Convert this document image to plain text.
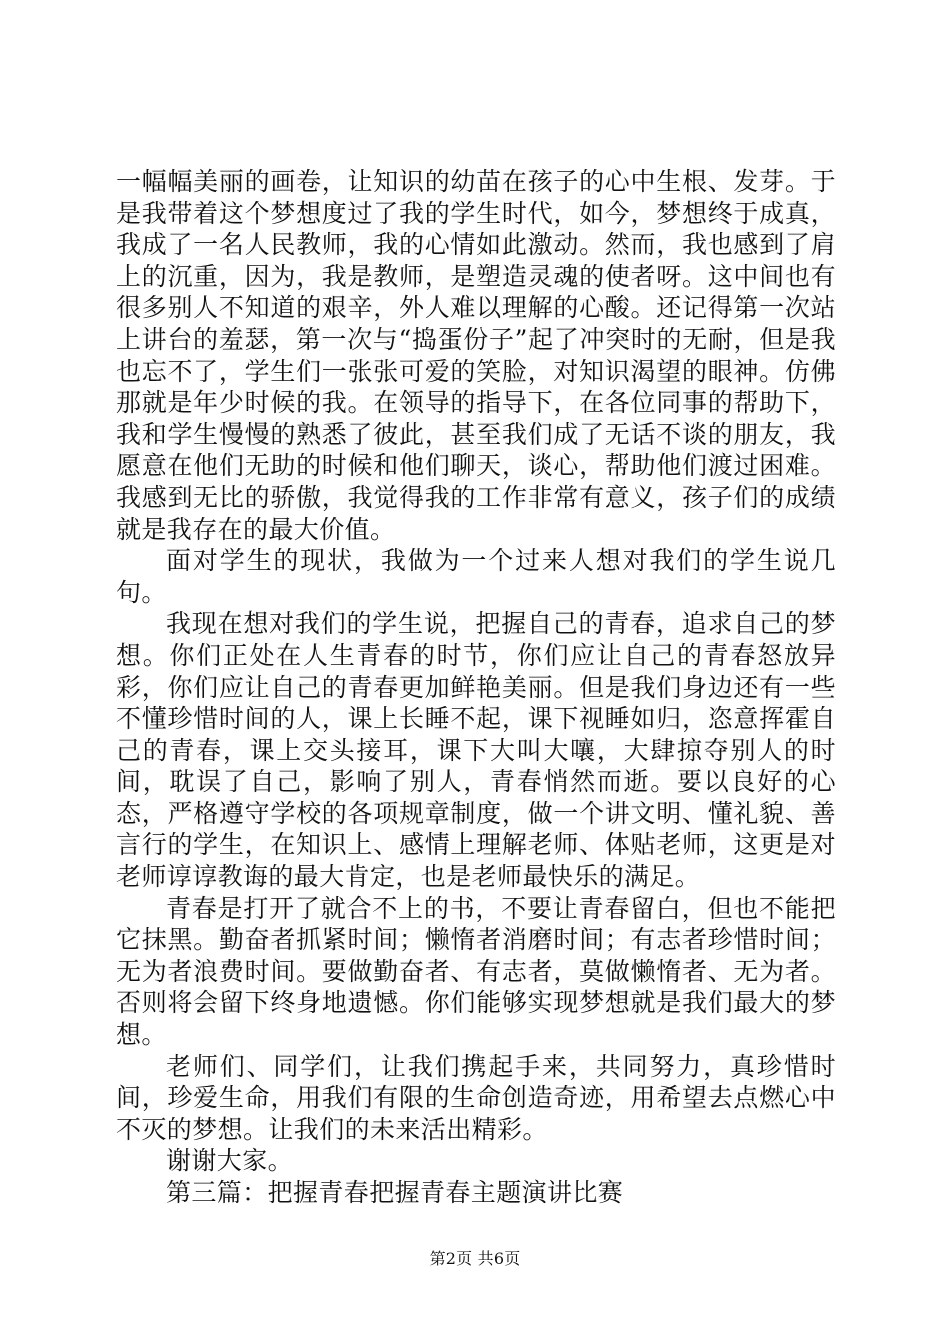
一幅幅美丽的画卷，让知识的幼苗在孩子的心中生根、发芽。于是我带着这个梦想度过了我的学生时代，如今，梦想终于成真，我成了一名人民教师，我的心情如此激动。然而，我也感到了肩上的沉重，因为，我是教师，是塑造灵魂的使者呀。这中间也有很多别人不知道的艰辛，外人难以理解的心酸。还记得第一次站上讲台的羞瑟，第一次与“捣蛋份子”起了冲突时的无耐，但是我也忘不了，学生们一张张可爱的笑脸，对知识渴望的眼神。仿佛那就是年少时候的我。在领导的指导下，在各位同事的帮助下，我和学生慢慢的熟悉了彼此，甚至我们成了无话不谈的朋友，我愿意在他们无助的时候和他们聊天，谈心，帮助他们渡过困难。我感到无比的骄傲，我觉得我的工作非常有意义，孩子们的成绩就是我存在的最大价值。

面对学生的现状，我做为一个过来人想对我们的学生说几句。

我现在想对我们的学生说，把握自己的青春，追求自己的梦想。你们正处在人生青春的时节，你们应让自己的青春怒放异彩，你们应让自己的青春更加鲜艳美丽。但是我们身边还有一些不懂珍惜时间的人，课上长睡不起，课下视睡如归，恣意挥霍自己的青春，课上交头接耳，课下大叫大嚷，大肆掠夺别人的时间，耽误了自己，影响了别人，青春悄然而逝。要以良好的心态，严格遵守学校的各项规章制度，做一个讲文明、懂礼貌、善言行的学生，在知识上、感情上理解老师、体贴老师，这更是对老师谆谆教诲的最大肯定，也是老师最快乐的满足。

青春是打开了就合不上的书，不要让青春留白，但也不能把它抹黑。勤奋者抓紧时间；懒惰者消磨时间；有志者珍惜时间；无为者浪费时间。要做勤奋者、有志者，莫做懒惰者、无为者。否则将会留下终身地遗憾。你们能够实现梦想就是我们最大的梦想。

老师们、同学们，让我们携起手来，共同努力，真珍惜时间，珍爱生命，用我们有限的生命创造奇迹，用希望去点燃心中不灭的梦想。让我们的未来活出精彩。

谢谢大家。

第三篇：把握青春把握青春主题演讲比赛

第2页 共6页
